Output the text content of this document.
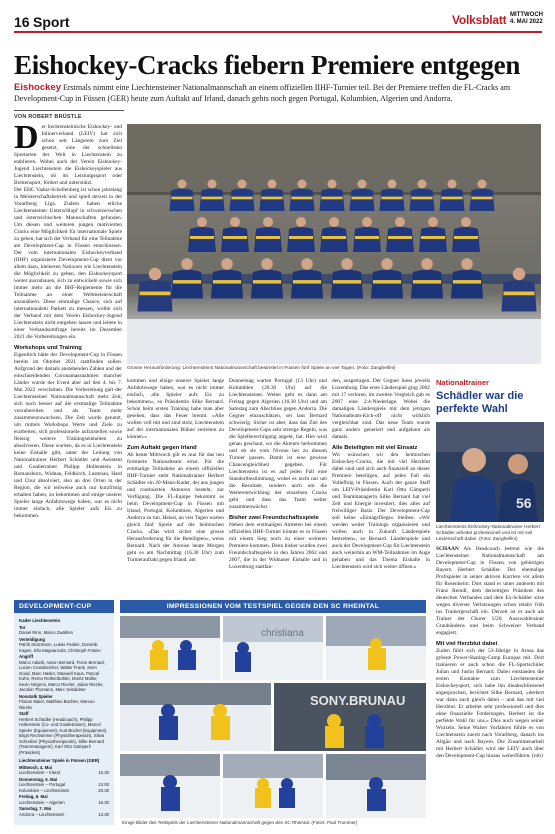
16 Sport	Volksblatt MITTWOCH
4. MAI 2022
Eishockey-Cracks fiebern Premiere entgegen
Eishockey Erstmals nimmt eine Liechtensteiner Nationalmannschaft an einem offiziellen IIHF-Turnier teil. Bei der Premiere treffen die FL-Cracks am Development-Cup in Füssen (GER) heute zum Auftakt auf Irland, danach gehts noch gegen Portugal, Kolumbien, Algerien und Andorra.
VON ROBERT BRÜSTLE
Grosse Herausforderung: Liechtensteins Nationalmannschaft bestreitet in Füssen fünf Spiele an vier Tagen. (Foto: Zanghellini)
D er liechtensteinische Eishockey- und Inlinerverband (LEIV) hat sich schon seit Längerem zum Ziel gesetzt, eine der schnellsten Sportarten der Welt in Liechtenstein zu etablieren. Wobei auch der Verein Eishockey-Jugend Liechtenstein die Eishockeyspieler aus Liechtenstein, ob im Leistungssport oder Breitensport, fördert und unterstützt.

Der EHC Vaduz-Schellenberg ist schon jahrelang in Meisterschaftsbetrieb und spielt derzeit in der Vorarlberg Liga. Zudem haben etliche Liechtensteiner Unterschlupf in schweizerischen und österreichischen Mannschaften gefunden. Um diesen und weiteren jungen motivierten Cracks eine Möglichkeit für internationale Spiele zu geben, hat sich der Verband für eine Teilnahme am Development-Cup in Füssen entschlossen. Der vom internationalen Eishockeyverband (IIHF) organisierte Development-Cup dient vor allem dazu, kleineren Nationen wie Liechtenstein die Möglichkeit zu geben, den Eishockeysport weiter auszubauen, sich zu entwickeln sowie sich immer mehr an die IIHF-Reglemente für die Teilnahme an einer Weltmeisterschaft anzunähern. Diese einmalige Chance, sich auf internationalem Parkett zu messen, wollte sich der Verband mit dem Verein Eishockey-Jugend Liechtenstein nicht entgehen lassen und leitete in einer Verbandsumfrage bereits im Dezember 2021 die Vorbereitungen ein.

Workshops und Training

Eigentlich hätte der Development-Cup in Füssen bereits im Oktober 2021 stattfinden sollen. Aufgrund der damals anstehenden Zahlen und der einschneidenden Coronamassnahmen mancher Länder wurde der Event aber auf den 4. bis 7. Mai 2022 verschoben. Die Vorbereitung galt der Liechtensteiner Nationalmannschaft mehr Zeit, sich noch besser auf die erstmalige Teilnahme vorzubereiten und als Team mehr zusammenzuwachsen. Die Zeit wurde genutzt, um mittels Workshops Werte und Ziele zu erarbeiten, sich professionelle aufzustellen sowie fleissig weitere Trainingseinheiten zu absolvieren. Diese wurden, da es in Liechtenstein keine Eishalle gibt, unter der Leitung von Nationaltrainer Herbert Schädler und Assistent und Goalietrainer Philipp Hollenstein in Romanshorn, Widnau, Feldkirch, Lustenau, Hard und Chur absolviert, also an drei Orten in der Region, die wir teilweise auch nur kurzfristig erhalten haben, zu bekommen und einige unserer Spieler lange Anfahrtswege haben, war es nicht immer einfach, alle Spieler aufs Eis zu bekommen.

kommen und einige unserer Spieler lange Anfahrtswege haben, war es nicht immer einfach, alle Spieler aufs Eis zu bekommen», so Präsidentin Silke Bernard. Schon beim ersten Training habe man aber gesehen, dass das Feuer brennt. «Alle wollen voll mit und sind stolz, Liechtenstein auf der internationalen Bühne vertreten zu können.»

Zum Auftakt gegen Irland

Ab heute Mittwoch gilt es nun für das neu formierte Nationalteam ernst. Für die erstmalige Teilnahme an einem offiziellen IIHF-Turnier steht Nationaltrainer Herbert Schädler ein 20-Mann-Kader, der aus jungen und routinierten Akteuren besteht, zur Verfügung. Die FL-Equipe bekommt es beim Development-Cup in Füssen mit Irland, Portugal, Kolumbien, Algerien und Andorra zu tun. Heisst, an vier Tagen warten gleich fünf Spiele auf die heimischen Cracks. «Das wird sicher eine grosse Herausforderung für die Beteiligten», weiss Bernard. Nach der Anreise heute Morgen geht es am Nachmittag (16.30 Uhr) zum Turnierauftakt gegen Irland, am

Donnerstag warten Portugal (13 Uhr) und Kolumbien (20.30 Uhr) auf die Liechtensteiner. Weiter geht es dann am Freitag gegen Algerien (16.30 Uhr) und am Samstag zum Abschluss gegen Andorra. Die Gegner einzuschätzen, sei laut Bernard schwierig. Sicher ist aber, dass das Ziel des Development-Cups sehr strenge Regeln, was die Spielberechtigung angeht, hat. Hier wird genau geschaut, wo die Akteure herkommen und ob sie vom Niveau her zu diesem Turnier passen. Damit ist eine gewisse Chancengleichheit gegeben. Für Liechtenstein ist es auf jeden Fall eine Standortbestimmung, wobei es nicht nur um die Resultate, sondern auch um die Weiterentwicklung der einzelnen Cracks geht und dass das Team weiter zusammenwächst.

Bisher zwei Freundschaftsspiele

Neben dem erstmaligen Antreten bei einem offiziellen IIHF-Turnier könnte es in Füssen mit einem Sieg noch zu einer weiteren Premiere kommen. Denn bisher wurden zwei Freundschaftsspiele in den Jahren 2002 und 2007, die in der Widnauer Eishalle und in Luxemburg stattfan-

den, ausgetragen. Der Gegner hiess jeweils Luxemburg. Das erste Länderspiel ging 2002 mit 17 verloren, im zweiten Vergleich gab es 2007 eine 2:4-Niederlage. Wobei die damaligen Länderspiele mit dem jetzigen Nationalteam-Kick-off nicht wirklich vergleichbar sind. Das neue Team wurde ganz anders generiert und aufgebaut als damals.

Alle Beteiligten mit viel Einsatz

Wir wünschen wir den heimischen Eishockey-Cracks, die mit viel Herzblut dabei sind und sich auch finanziell an dieser Premiere beteiligen, auf jeden Fall ein Volleffolg in Füssen. Auch der ganze Staff um LEIV-Präsidentin Karl Otto Gämperli und Teammanagerin Silke Bernard hat viel Zeit und Energie investiert, dies alles auf freiwilliger Basis. Der Development-Cup soll keine «Eintagsfliege» bleiben. «Wir werden weiter Trainings organisieren und wollen auch in Zukunft Länderspiele bestreiten», so Bernard. Länderspiele und auch der Development-Cup für Liechtenstein auch weiterhin an WM-Teilnahmen im Auge gehaben und das Thema Eishalle in Liechtenstein wird sich weiter öffnen.»

Nationaltrainer
Schädler war die perfekte Wahl
56
Liechtensteins Eishockey-Nationaltrainer Herbert Schädler arbeitet professionell und ist mit viel Leidenschaft dabei. (Foto: Zanghellini)

SCHAAN Als Headcoach betreut wie die Liechtensteiner Nationalmannschaft am Development-Cup in Füssen von gebürtigen Bayern Herbert Schädler. Der ehemalige Profispieler in seiner aktiven Karriere vor allem für Rosenheim. Dort stand er unter anderem mit Franz Reindl, dem derzeitigen Präsident des deutschen Verbandes und dem Ex-Schädler sitze wegen diverser Verletzungen schon relativ früh ins Trainergeschäft ein. Derzeit ist er auch als Trainer der Churer U20, Ausswahltrainer Graubündens und beim Schweizer Verband engagiert.

Mit viel Herzblut dabei

Zuden fühlt sich der 53-Jährige in Arosa das grösste Power-Skating-Camp Europas mit. Dort trainieren er auch schon die FL-Sportschüler Julian und Justin Bernard. Dabei entstanden die ersten Kontakte zum Liechtensteiner Eishockeysport, sich habe ihn dieabschliessend angesprochen, berichtet Silke Bernard, «derbert war dann auch gleich dabei – und das mit viel Herzblut. Er arbeitet sehr professionell und dies ohne finanzielle Forderungen. Herbert ist die perfekte Wahl für uns.» Dies auch wegen seiner Wurzeln. Seine Walser Vorfahren führte es von Liechtenstein zuerst nach Vorarlberg, danach ins Allgäu und nach Bayern. Die Zusammenarbeit mit Herbert Schädler wird der LEIV auch über den Development-Cup hinaus weiterführen. (rob)

DEVELOPMENT-CUP
Kader Liechtenstein
Tor
Daniel Rinn, Marco Zwahlen
Verteidigung
Patrik Stolzmann, Lukas Fedele, Dominik Kagen, Elio Magnanzola, Christoph Frasier
Angriff
Marco Adank, Aaron Bernard, Fionn Bernard, Lucien Crassbeicher, Walter Frank, Sven Good, Marc Hasler, Maxwell Kaus, Pascal Kuhn, Remo Rothenbühler, Moritz Müller, Kevin Nirgens, Marco Riezler, Julian Riezler, Jacobin Thomann, Marc Sebaldner
Nonstalk Spieler
Florian Maier, Matthias Büchler, Marcus Riezler
Staff
Herbert Schädler (Headcoach), Philipp Hollenstein (Co- und Goalietrainer), Marcel Spieler (Equipment), Kurt Büchel (Equipment), Birgit Rechsteiner (Physiotherapeutin), Silvia Schreiber (Physiotherapeutin), Silke Bernard (Teammanagerin), Karl Otto Gämperli (Präsident)
Liechtensteiner Spiele in Füssen (GER)
Mittwoch, 4. Mai
Liechtenstein – Irland	16.30
Donnerstag, 5. Mai
Liechtenstein – Portugal	13.00
Kolumbien – Liechtenstein	20.30
Freitag, 6. Mai
Liechtenstein – Algerien	16.30
Samstag, 7. Mai
Andorra – Liechtenstein	13.30
IMPRESSIONEN VOM TESTSPIEL GEGEN DEN SC RHEINTAL
christiana
SONY.BRUNAU
Einige Bilder des Testspiels der Liechtensteiner Nationalmannschaft gegen den SC Rheintal. (Fotos: Paul Trummer)
